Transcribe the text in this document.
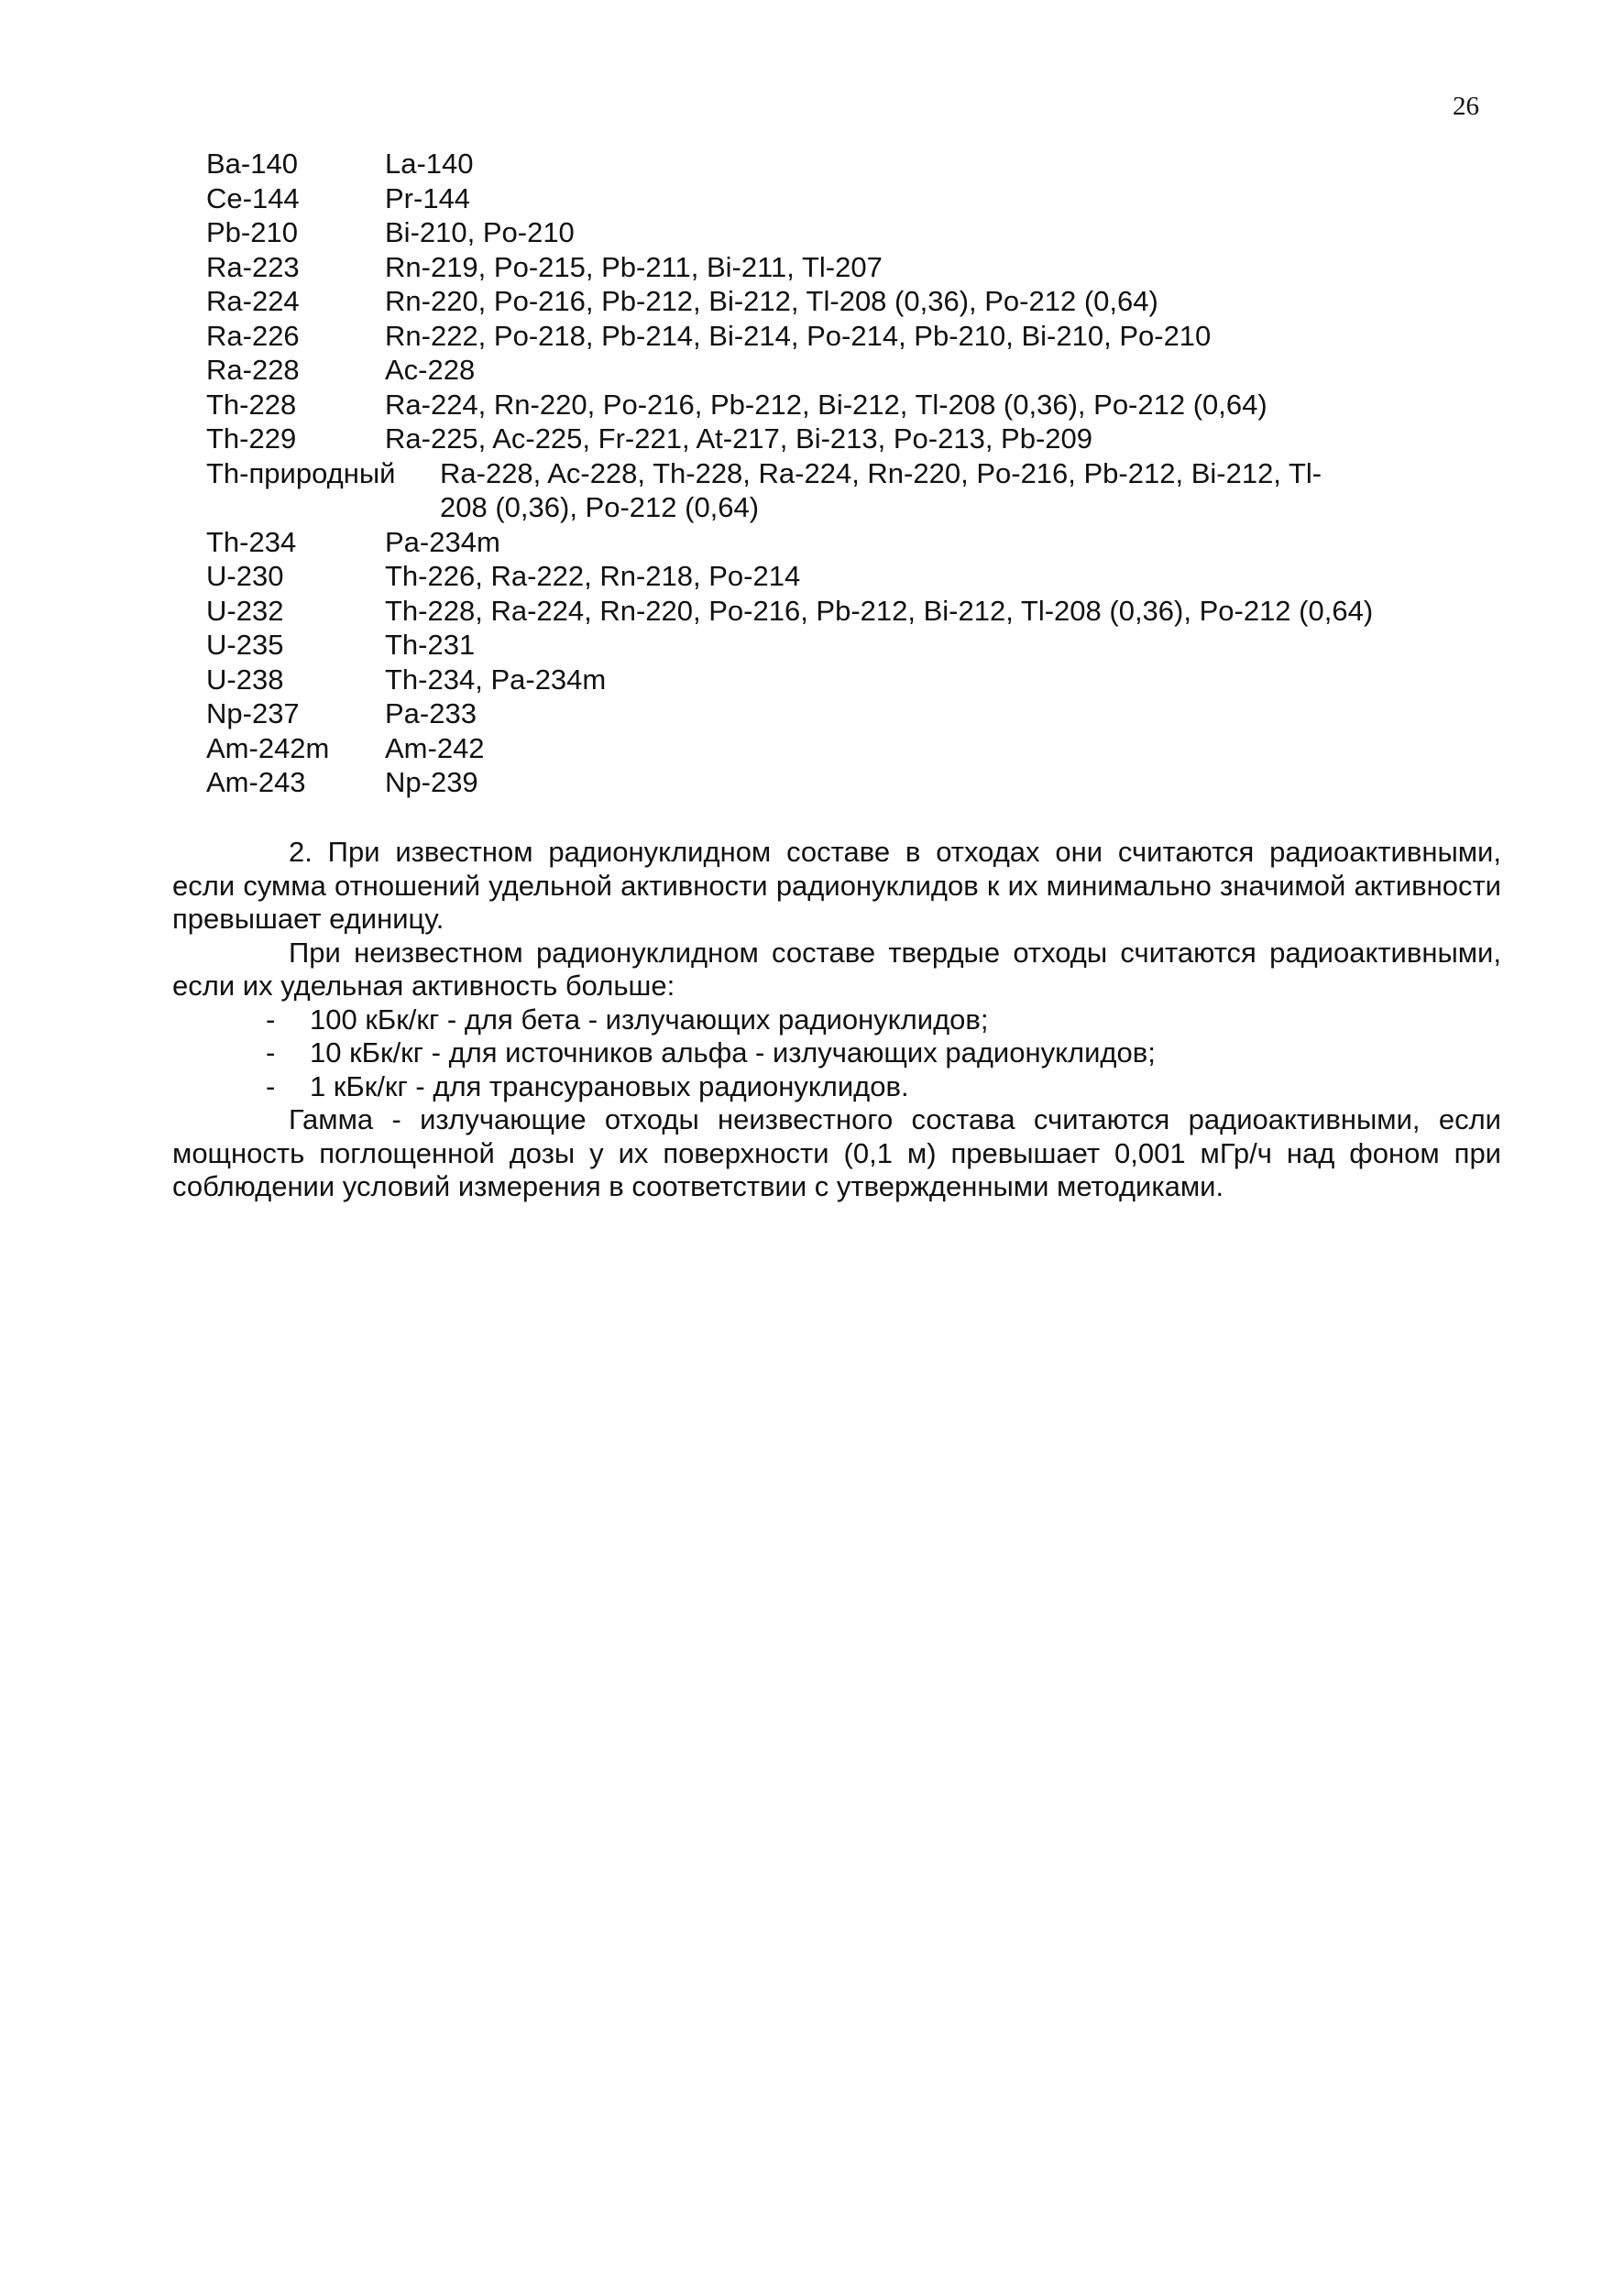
26
Ba-140	La-140
Ce-144	Pr-144
Pb-210	Bi-210, Po-210
Ra-223	Rn-219, Po-215, Pb-211, Bi-211, Tl-207
Ra-224	Rn-220, Po-216, Pb-212, Bi-212, Tl-208 (0,36), Po-212 (0,64)
Ra-226	Rn-222, Po-218, Pb-214, Bi-214, Po-214, Pb-210, Bi-210, Po-210
Ra-228	Ac-228
Th-228	Ra-224, Rn-220, Po-216, Pb-212, Bi-212, Tl-208 (0,36), Po-212 (0,64)
Th-229	Ra-225, Ac-225, Fr-221, At-217, Bi-213, Po-213, Pb-209
Th-природный Ra-228, Ac-228, Th-228, Ra-224, Rn-220, Po-216, Pb-212, Bi-212, Tl-208 (0,36), Po-212 (0,64)
Th-234	Pa-234m
U-230	Th-226, Ra-222, Rn-218, Po-214
U-232	Th-228, Ra-224, Rn-220, Po-216, Pb-212, Bi-212, Tl-208 (0,36), Po-212 (0,64)
U-235	Th-231
U-238	Th-234, Pa-234m
Np-237	Pa-233
Am-242m Am-242
Am-243	Np-239

2. При известном радионуклидном составе в отходах они считаются радиоактивными, если сумма отношений удельной активности радионуклидов к их минимально значимой активности превышает единицу.

При неизвестном радионуклидном составе твердые отходы считаются радиоактивными, если их удельная активность больше:

- 100 кБк/кг - для бета - излучающих радионуклидов;
- 10 кБк/кг - для источников альфа - излучающих радионуклидов;
- 1 кБк/кг - для трансурановых радионуклидов.

Гамма - излучающие отходы неизвестного состава считаются радиоактивными, если мощность поглощенной дозы у их поверхности (0,1 м) превышает 0,001 мГр/ч над фоном при соблюдении условий измерения в соответствии с утвержденными методиками.
